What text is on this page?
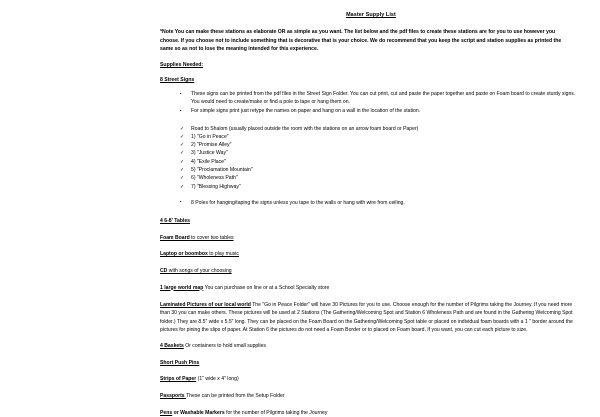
Master Supply List

*Note You can make these stations as elaborate OR as simple as you want. The list below and the pdf files to create these stations are for you to use however you choose. If you choose not to include something that is decorative that is your choice. We do recommend that you keep the script and station supplies as printed the same so as not to lose the meaning intended for this experience.

Supplies Needed:
8 Street Signs
▪ These signs can be printed from the pdf files in the Street Sign Folder. You can cut print, cut and paste the paper together and paste on Foam board to create sturdy signs. You would need to create/make or find a pole to tape or hang them on.
▪ For simple signs print just retype the names on paper and hang on a wall in the location of the station.
✓ Road to Shalom (usually placed outside the room with the stations on an arrow foam board or Paper)
✓ 1) "Go in Peace"
✓ 2) "Promise Alley"
✓ 3) "Justice Way"
✓ 4) "Exile Place"
✓ 5) "Proclamation Mountain"
✓ 6) "Wholeness Path"
✓ 7) "Blessing Highway"
▪ 8 Poles for hanging/taping the signs unless you tape to the walls or hang with wire from ceiling.
4 6-8' Tables
Foam Board to cover two tables
Laptop or boombox to play music
CD with songs of your choosing
1 large world map You can purchase on line or at a School Specialty store
Laminated Pictures of our local world The "Go in Peace Folder" will have 30 Pictures for you to use. Choose enough for the number of Pilgrims taking the Journey. If you need more than 30 you can make others. These pictures will be used at 2 Stations (The Gathering/Welcoming Spot and Station 6 Wholeness Path and are found in the Gathering Welcoming Spot folder.) They are 8.5" wide x 5.5" long. They can be placed on the Foam Board on the Gathering/Welcoming Spot table or placed on individual foam boards with a 1 " border around the pictures for pining the slips of paper. At Station 6 the pictures do not need a Foam Border or to placed on Foam board. If you want, you can cut each picture to size.
4 Baskets Or containers to hold small supplies
Short Push Pins
Strips of Paper (1" wide x 4" long)
Passports These can be printed from the Setup Folder
Pens or Washable Markers for the number of Pilgrims taking the Journey
